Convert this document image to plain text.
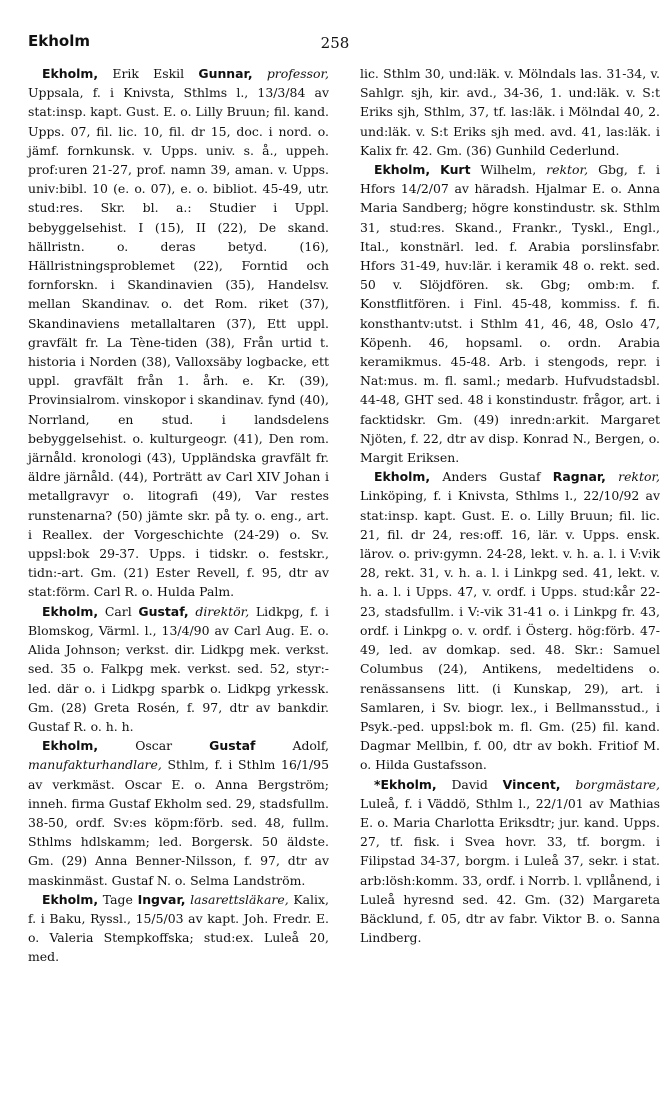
Ekholm	258

Ekholm, Erik Eskil Gunnar, professor, Uppsala, f. i Knivsta, Sthlms l., 13/3/84 av stat:insp. kapt. Gust. E. o. Lilly Bruun; fil. kand. Upps. 07, fil. lic. 10, fil. dr 15, doc. i nord. o. jämf. fornkunsk. v. Upps. univ. s. å., uppeh. prof:uren 21-27, prof. namn 39, aman. v. Upps. univ:bibl. 10 (e. o. 07), e. o. bibliot. 45-49, utr. stud:res. Skr. bl. a.: Studier i Uppl. bebyggelsehist. I (15), II (22), De skand. hällristn. o. deras betyd. (16), Hällristningsproblemet (22), Forntid och fornforskn. i Skandinavien (35), Handelsv. mellan Skandinav. o. det Rom. riket (37), Skandinaviens metallaltaren (37), Ett uppl. gravfält fr. La Tène-tiden (38), Från urtid t. historia i Norden (38), Valloxsäby logbacke, ett uppl. gravfält från 1. årh. e. Kr. (39), Provinsialrom. vinskopor i skandinav. fynd (40), Norrland, en stud. i landsdelens bebyggelsehist. o. kulturgeogr. (41), Den rom. järnåld. kronologi (43), Uppländska gravfält fr. äldre järnåld. (44), Porträtt av Carl XIV Johan i metallgravyr o. litografi (49), Var restes runstenarna? (50) jämte skr. på ty. o. eng., art. i Reallex. der Vorgeschichte (24-29) o. Sv. uppsl:bok 29-37. Upps. i tidskr. o. festskr., tidn:-art. Gm. (21) Ester Revell, f. 95, dtr av stat:förm. Carl R. o. Hulda Palm.

Ekholm, Carl Gustaf, direktör, Lidkpg, f. i Blomskog, Värml. l., 13/4/90 av Carl Aug. E. o. Alida Johnson; verkst. dir. Lidkpg mek. verkst. sed. 35 o. Falkpg mek. verkst. sed. 52, styr:-led. där o. i Lidkpg sparbk o. Lidkpg yrkessk. Gm. (28) Greta Rosén, f. 97, dtr av bankdir. Gustaf R. o. h. h.

Ekholm, Oscar Gustaf Adolf, manufakturhandlare, Sthlm, f. i Sthlm 16/1/95 av verkmäst. Oscar E. o. Anna Bergström; inneh. firma Gustaf Ekholm sed. 29, stadsfullm. 38-50, ordf. Sv:es köpm:förb. sed. 48, fullm. Sthlms hdlskamm; led. Borgersk. 50 äldste. Gm. (29) Anna Benner-Nilsson, f. 97, dtr av maskinmäst. Gustaf N. o. Selma Landström.

Ekholm, Tage Ingvar, lasarettsläkare, Kalix, f. i Baku, Ryssl., 15/5/03 av kapt. Joh. Fredr. E. o. Valeria Stempkoffska; stud:ex. Luleå 20, med.

lic. Sthlm 30, und:läk. v. Mölndals las. 31-34, v. Sahlgr. sjh, kir. avd., 34-36, 1. und:läk. v. S:t Eriks sjh, Sthlm, 37, tf. las:läk. i Mölndal 40, 2. und:läk. v. S:t Eriks sjh med. avd. 41, las:läk. i Kalix fr. 42. Gm. (36) Gunhild Cederlund.

Ekholm, Kurt Wilhelm, rektor, Gbg, f. i Hfors 14/2/07 av häradsh. Hjalmar E. o. Anna Maria Sandberg; högre konstindustr. sk. Sthlm 31, stud:res. Skand., Frankr., Tyskl., Engl., Ital., konstnärl. led. f. Arabia porslinsfabr. Hfors 31-49, huv:lär. i keramik 48 o. rekt. sed. 50 v. Slöjdfören. sk. Gbg; omb:m. f. Konstflitfören. i Finl. 45-48, kommiss. f. fi. konsthantv:utst. i Sthlm 41, 46, 48, Oslo 47, Köpenh. 46, hopsaml. o. ordn. Arabia keramikmus. 45-48. Arb. i stengods, repr. i Nat:mus. m. fl. saml.; medarb. Hufvudstadsbl. 44-48, GHT sed. 48 i konstindustr. frågor, art. i facktidskr. Gm. (49) inredn:arkit. Margaret Njöten, f. 22, dtr av disp. Konrad N., Bergen, o. Margit Eriksen.

Ekholm, Anders Gustaf Ragnar, rektor, Linköping, f. i Knivsta, Sthlms l., 22/10/92 av stat:insp. kapt. Gust. E. o. Lilly Bruun; fil. lic. 21, fil. dr 24, res:off. 16, lär. v. Upps. ensk. lärov. o. priv:gymn. 24-28, lekt. v. h. a. l. i V:vik 28, rekt. 31, v. h. a. l. i Linkpg sed. 41, lekt. v. h. a. l. i Upps. 47, v. ordf. i Upps. stud:kår 22-23, stadsfullm. i V:-vik 31-41 o. i Linkpg fr. 43, ordf. i Linkpg o. v. ordf. i Österg. hög:förb. 47-49, led. av domkap. sed. 48. Skr.: Samuel Columbus (24), Antikens, medeltidens o. renässansens litt. (i Kunskap, 29), art. i Samlaren, i Sv. biogr. lex., i Bellmansstud., i Psyk.-ped. uppsl:bok m. fl. Gm. (25) fil. kand. Dagmar Mellbin, f. 00, dtr av bokh. Fritiof M. o. Hilda Gustafsson.

*Ekholm, David Vincent, borgmästare, Luleå, f. i Väddö, Sthlm l., 22/1/01 av Mathias E. o. Maria Charlotta Eriksdtr; jur. kand. Upps. 27, tf. fisk. i Svea hovr. 33, tf. borgm. i Filipstad 34-37, borgm. i Luleå 37, sekr. i stat. arb:lösh:komm. 33, ordf. i Norrb. l. vpllånend, i Luleå hyresnd sed. 42. Gm. (32) Margareta Bäcklund, f. 05, dtr av fabr. Viktor B. o. Sanna Lindberg.
